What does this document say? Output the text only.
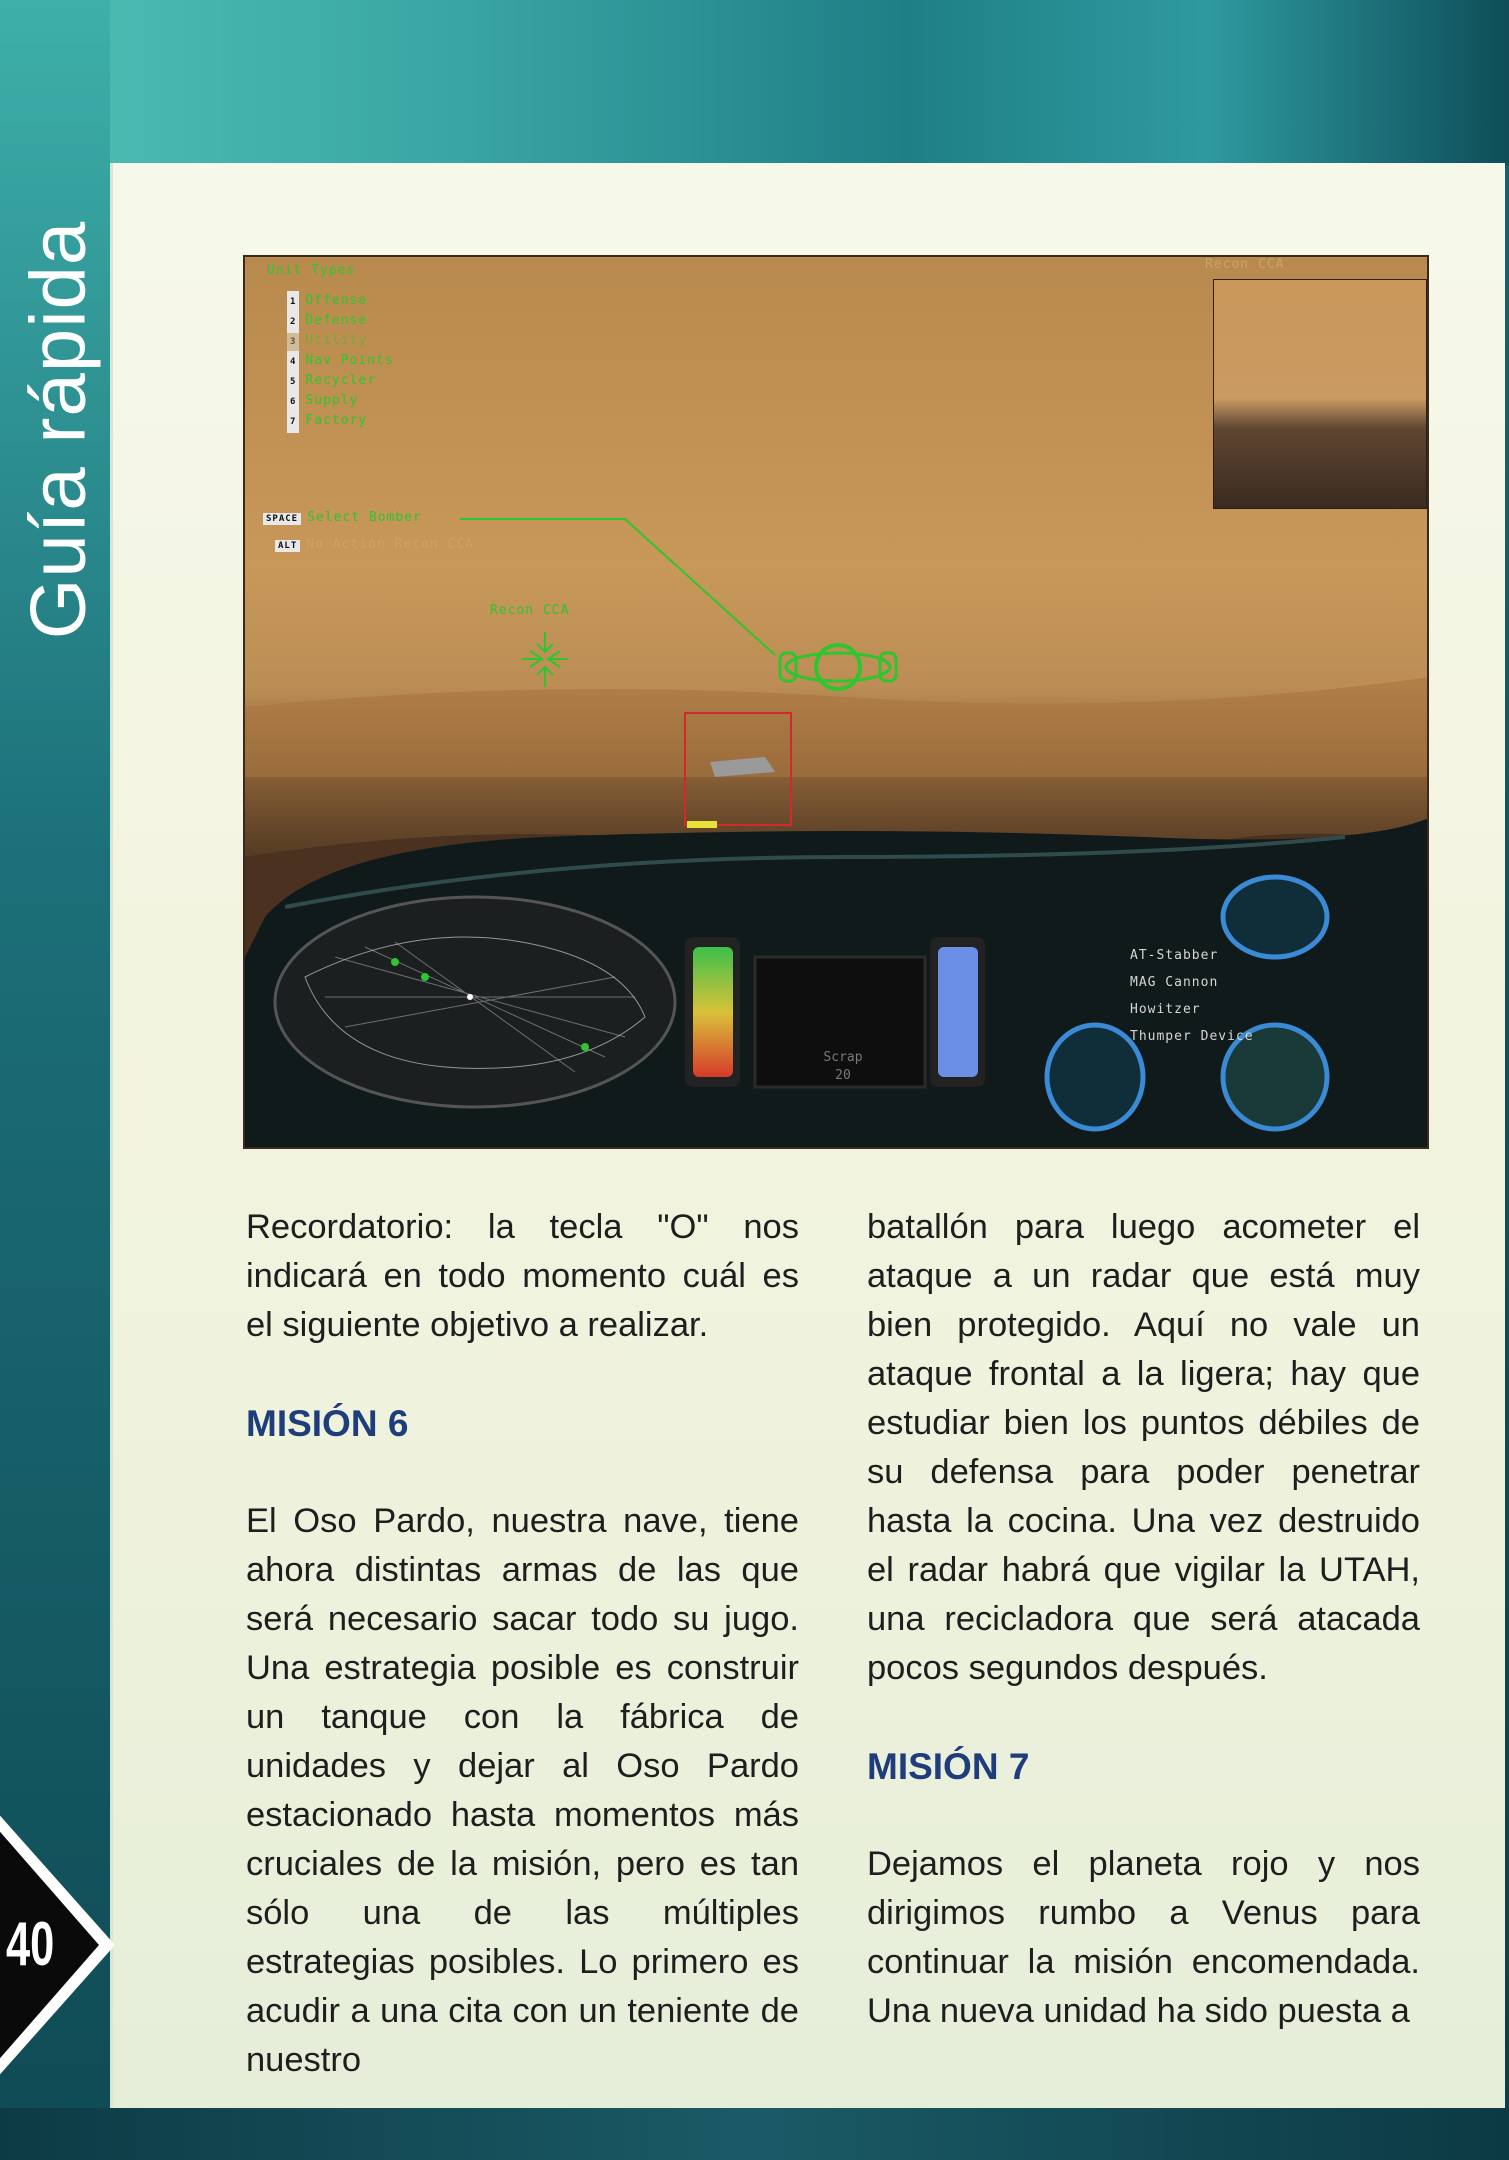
Guía rápida	Recon CCA
Unit Types
1 Offense
2 Defense
3 Utility
4 Nav Points
5 Recycler
6 Supply
7 Factory
SPACE Select Bomber
ALT No Action Recon CCA
Recon CCA
AT-Stabber
MAG Cannon
Howitzer
Thumper Device
Scrap
20

Recordatorio: la tecla "O" nos indicará en todo momento cuál es el siguiente objetivo a realizar.

MISIÓN 6

El Oso Pardo, nuestra nave, tiene ahora distintas armas de las que será necesario sacar todo su jugo. Una estrategia posible es construir un tanque con la fábrica de unidades y dejar al Oso Pardo estacionado hasta momentos más cruciales de la misión, pero es tan sólo una de las múltiples estrategias posibles. Lo primero es acudir a una cita con un teniente de nuestro

batallón para luego acometer el ataque a un radar que está muy bien protegido. Aquí no vale un ataque frontal a la ligera; hay que estudiar bien los puntos débiles de su defensa para poder penetrar hasta la cocina. Una vez destruido el radar habrá que vigilar la UTAH, una recicladora que será atacada pocos segundos después.

MISIÓN 7

Dejamos el planeta rojo y nos dirigimos rumbo a Venus para continuar la misión encomendada. Una nueva unidad ha sido puesta a

40
